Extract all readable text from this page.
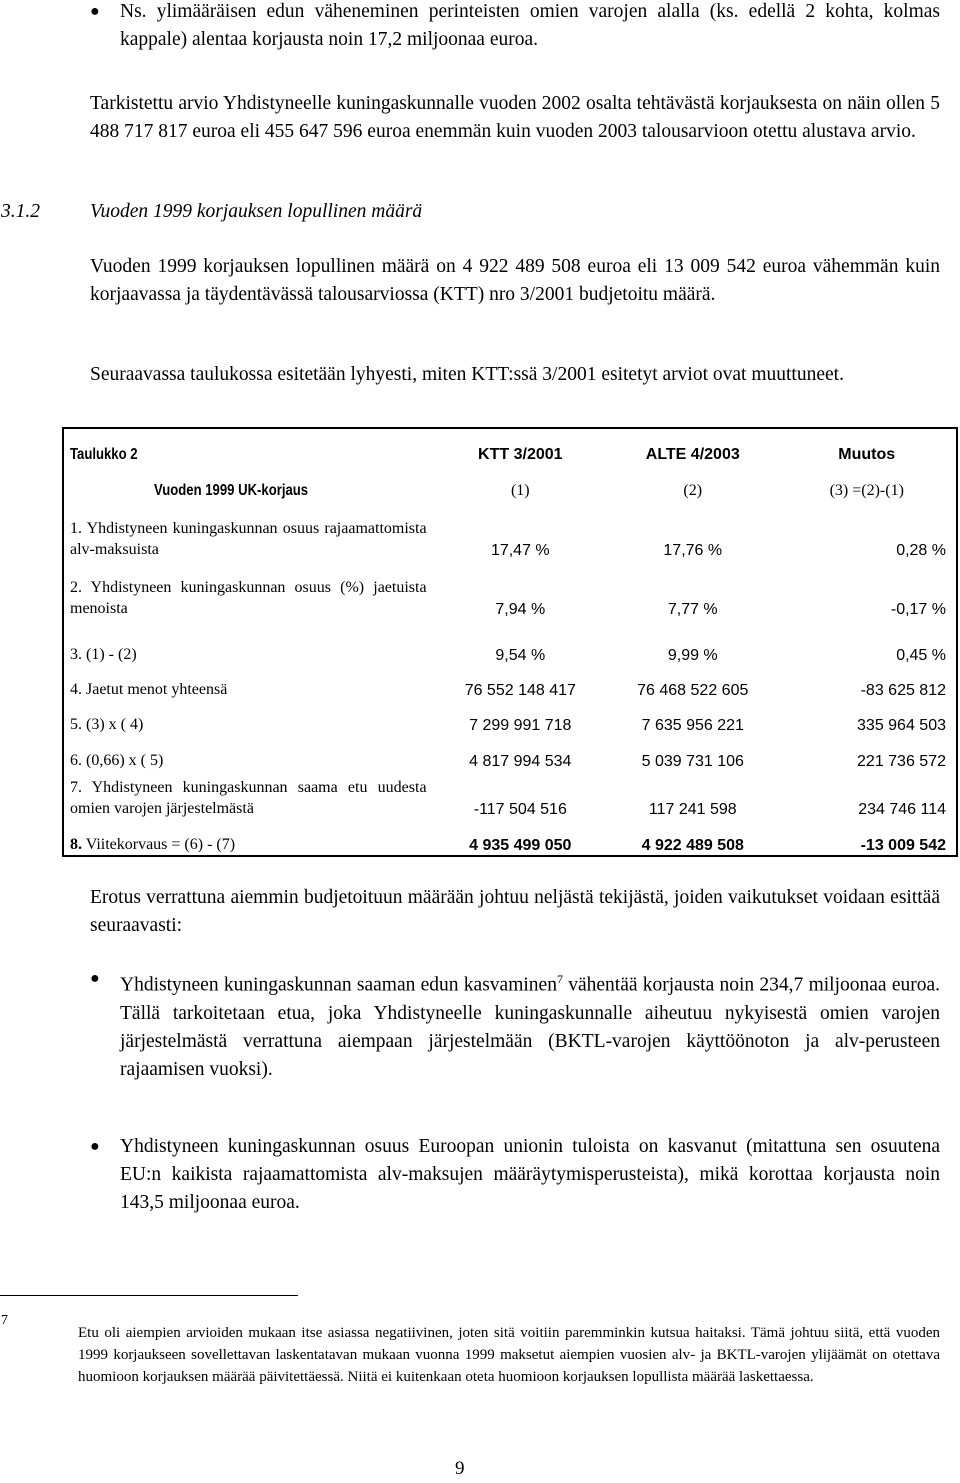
● Ns. ylimääräisen edun väheneminen perinteisten omien varojen alalla (ks. edellä 2 kohta, kolmas kappale) alentaa korjausta noin 17,2 miljoonaa euroa.
Tarkistettu arvio Yhdistyneelle kuningaskunnalle vuoden 2002 osalta tehtävästä korjauksesta on näin ollen 5 488 717 817 euroa eli 455 647 596 euroa enemmän kuin vuoden 2003 talousarvioon otettu alustava arvio.
3.1.2	Vuoden 1999 korjauksen lopullinen määrä
Vuoden 1999 korjauksen lopullinen määrä on 4 922 489 508 euroa eli 13 009 542 euroa vähemmän kuin korjaavassa ja täydentävässä talousarviossa (KTT) nro 3/2001 budjetoitu määrä.
Seuraavassa taulukossa esitetään lyhyesti, miten KTT:ssä 3/2001 esitetyt arviot ovat muuttuneet.
Taulukko 2	KTT 3/2001	ALTE 4/2003	Muutos
Vuoden 1999 UK-korjaus	(1)	(2)	(3) =(2)-(1)
1. Yhdistyneen kuningaskunnan osuus rajaamattomista alv-maksuista	17,47 %	17,76 %	0,28 %
2. Yhdistyneen kuningaskunnan osuus (%) jaetuista menoista	7,94 %	7,77 %	-0,17 %
3. (1) - (2)	9,54 %	9,99 %	0,45 %
4. Jaetut menot yhteensä	76 552 148 417	76 468 522 605	-83 625 812
5. (3) x ( 4)	7 299 991 718	7 635 956 221	335 964 503
6. (0,66) x ( 5)	4 817 994 534	5 039 731 106	221 736 572
7. Yhdistyneen kuningaskunnan saama etu uudesta omien varojen järjestelmästä	-117 504 516	117 241 598	234 746 114
8. Viitekorvaus = (6) - (7)	4 935 499 050	4 922 489 508	-13 009 542
Erotus verrattuna aiemmin budjetoituun määrään johtuu neljästä tekijästä, joiden vaikutukset voidaan esittää seuraavasti:
● Yhdistyneen kuningaskunnan saaman edun kasvaminen$^7$ vähentää korjausta noin 234,7 miljoonaa euroa. Tällä tarkoitetaan etua, joka Yhdistyneelle kuningaskunnalle aiheutuu nykyisestä omien varojen järjestelmästä verrattuna aiempaan järjestelmään (BKTL-varojen käyttöönoton ja alv-perusteen rajaamisen vuoksi).
● Yhdistyneen kuningaskunnan osuus Euroopan unionin tuloista on kasvanut (mitattuna sen osuutena EU:n kaikista rajaamattomista alv-maksujen määräytymisperusteista), mikä korottaa korjausta noin 143,5 miljoonaa euroa.
7
Etu oli aiempien arvioiden mukaan itse asiassa negatiivinen, joten sitä voitiin paremminkin kutsua haitaksi. Tämä johtuu siitä, että vuoden 1999 korjaukseen sovellettavan laskentatavan mukaan vuonna 1999 maksetut aiempien vuosien alv- ja BKTL-varojen ylijäämät on otettava huomioon korjauksen määrää päivitettäessä. Niitä ei kuitenkaan oteta huomioon korjauksen lopullista määrää laskettaessa.
9
